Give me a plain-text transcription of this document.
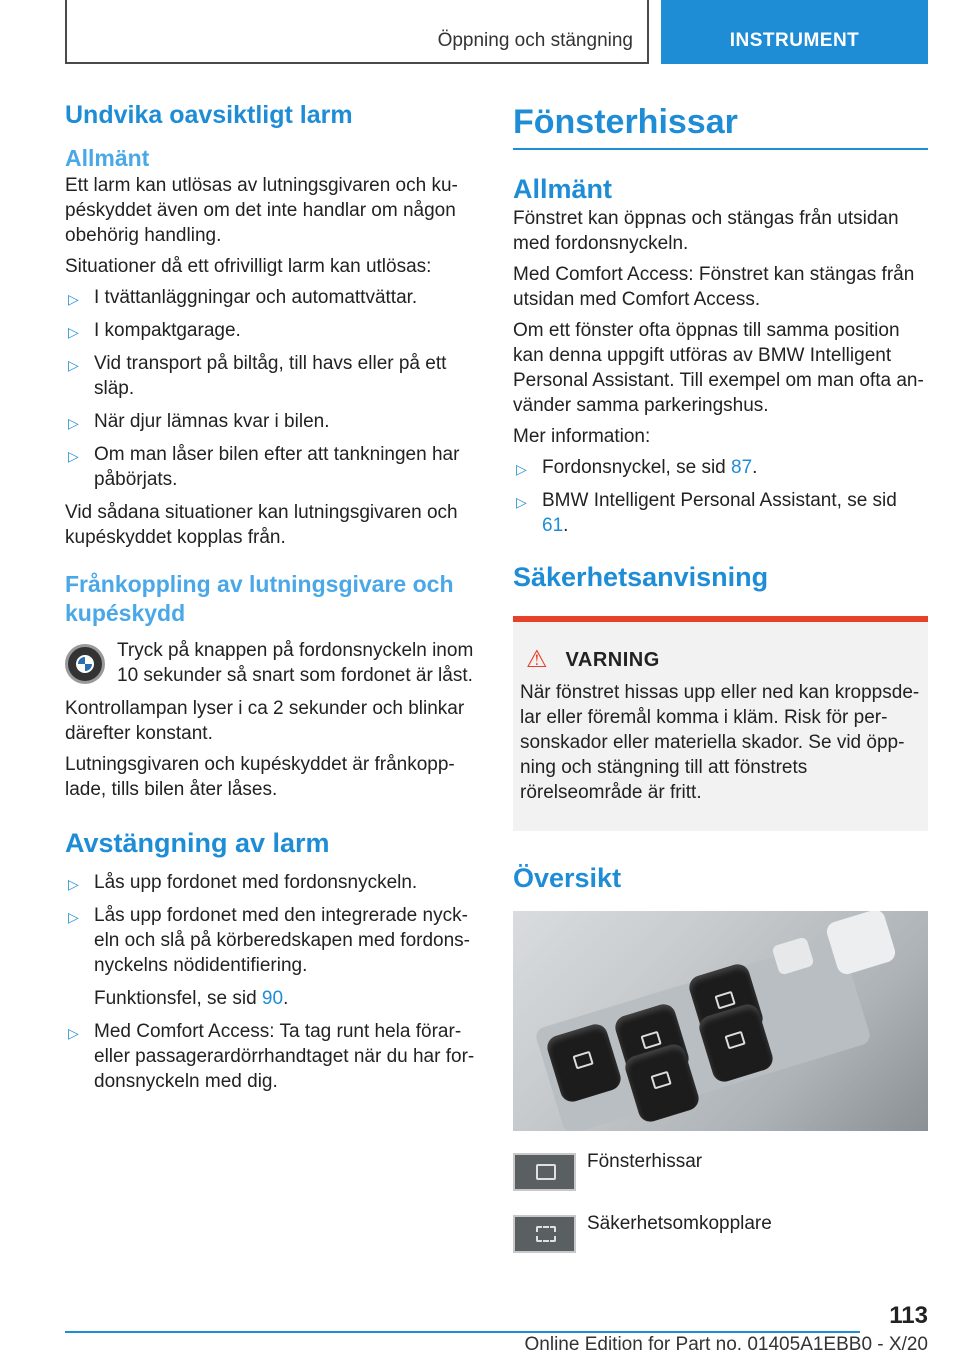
Öppning och stängning	INSTRUMENT
Undvika oavsiktligt larm
Allmänt

Ett larm kan utlösas av lutningsgivaren och ku-péskyddet även om det inte handlar om någon obehörig handling.

Situationer då ett ofrivilligt larm kan utlösas:

▷ I tvättanläggningar och automattvättar.
▷ I kompaktgarage.
▷ Vid transport på biltåg, till havs eller på ett släp.
▷ När djur lämnas kvar i bilen.
▷ Om man låser bilen efter att tankningen har påbörjats.

Vid sådana situationer kan lutningsgivaren och kupéskyddet kopplas från.

Frånkoppling av lutningsgivare och kupéskydd

Tryck på knappen på fordonsnyckeln inom 10 sekunder så snart som fordonet är låst.

Kontrollampan lyser i ca 2 sekunder och blinkar därefter konstant.

Lutningsgivaren och kupéskyddet är frånkopp-lade, tills bilen åter låses.

Avstängning av larm
▷ Lås upp fordonet med fordonsnyckeln.
▷ Lås upp fordonet med den integrerade nyck-eln och slå på körberedskapen med fordons-nyckelns nödidentifiering.

Funktionsfel, se sid 90.

▷ Med Comfort Access: Ta tag runt hela förar- eller passagerardörrhandtaget när du har for-donsnyckeln med dig.
Fönsterhissar
Allmänt

Fönstret kan öppnas och stängas från utsidan med fordonsnyckeln.

Med Comfort Access: Fönstret kan stängas från utsidan med Comfort Access.

Om ett fönster ofta öppnas till samma position kan denna uppgift utföras av BMW Intelligent Personal Assistant. Till exempel om man ofta an-vänder samma parkeringshus.

Mer information:

▷ Fordonsnyckel, se sid 87.
▷ BMW Intelligent Personal Assistant, se sid 61.
Säkerhetsanvisning
⚠ VARNING

När fönstret hissas upp eller ned kan kroppsde-lar eller föremål komma i kläm. Risk för per-sonskador eller materiella skador. Se vid öpp-ning och stängning till att fönstrets rörelseområde är fritt.

Översikt
Fönsterhissar
Säkerhetsomkopplare
113
Online Edition for Part no. 01405A1EBB0 - X/20
